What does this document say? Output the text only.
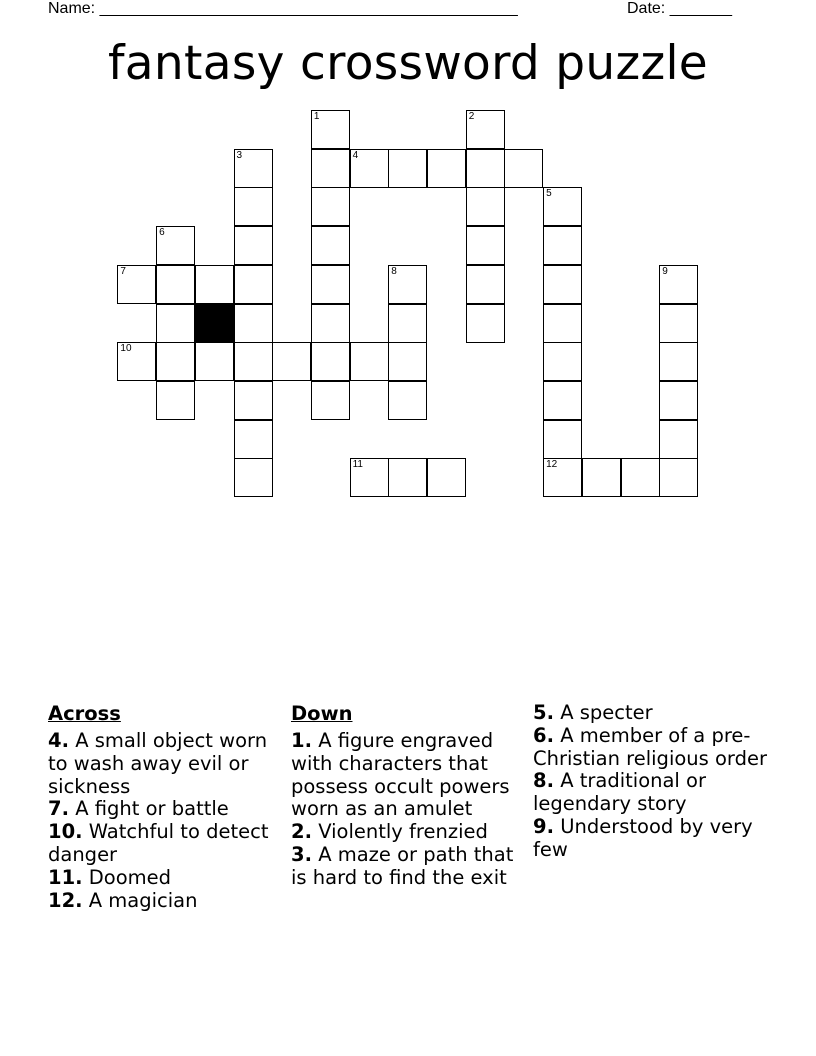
Name: _______________________________________________	Date: _______
fantasy crossword puzzle
1	2
3	4
5
6
7	8	9
10
11	12
Across
4. A small object worn to wash away evil or sickness
7. A fight or battle
10. Watchful to detect danger
11. Doomed
12. A magician
Down
1. A figure engraved with characters that possess occult powers worn as an amulet
2. Violently frenzied
3. A maze or path that is hard to find the exit
5. A specter
6. A member of a pre-Christian religious order
8. A traditional or legendary story
9. Understood by very few
